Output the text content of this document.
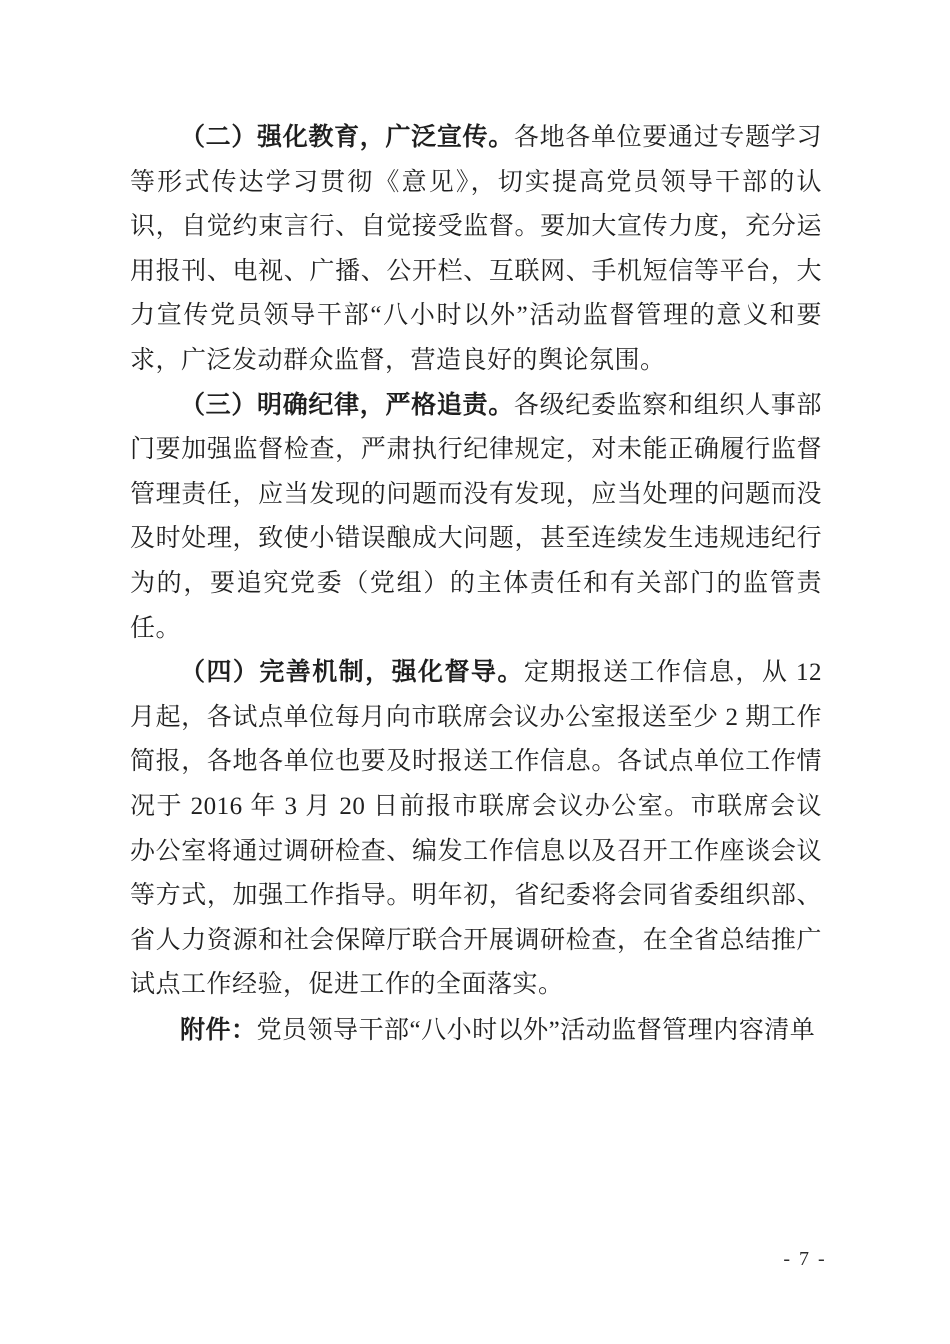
（二）强化教育，广泛宣传。各地各单位要通过专题学习等形式传达学习贯彻《意见》，切实提高党员领导干部的认识，自觉约束言行、自觉接受监督。要加大宣传力度，充分运用报刊、电视、广播、公开栏、互联网、手机短信等平台，大力宣传党员领导干部“八小时以外”活动监督管理的意义和要求，广泛发动群众监督，营造良好的舆论氛围。

（三）明确纪律，严格追责。各级纪委监察和组织人事部门要加强监督检查，严肃执行纪律规定，对未能正确履行监督管理责任，应当发现的问题而没有发现，应当处理的问题而没及时处理，致使小错误酿成大问题，甚至连续发生违规违纪行为的，要追究党委（党组）的主体责任和有关部门的监管责任。

（四）完善机制，强化督导。定期报送工作信息，从 12 月起，各试点单位每月向市联席会议办公室报送至少 2 期工作简报，各地各单位也要及时报送工作信息。各试点单位工作情况于 2016 年 3 月 20 日前报市联席会议办公室。市联席会议办公室将通过调研检查、编发工作信息以及召开工作座谈会议等方式，加强工作指导。明年初，省纪委将会同省委组织部、省人力资源和社会保障厅联合开展调研检查，在全省总结推广试点工作经验，促进工作的全面落实。

附件：党员领导干部“八小时以外”活动监督管理内容清单

- 7 -
